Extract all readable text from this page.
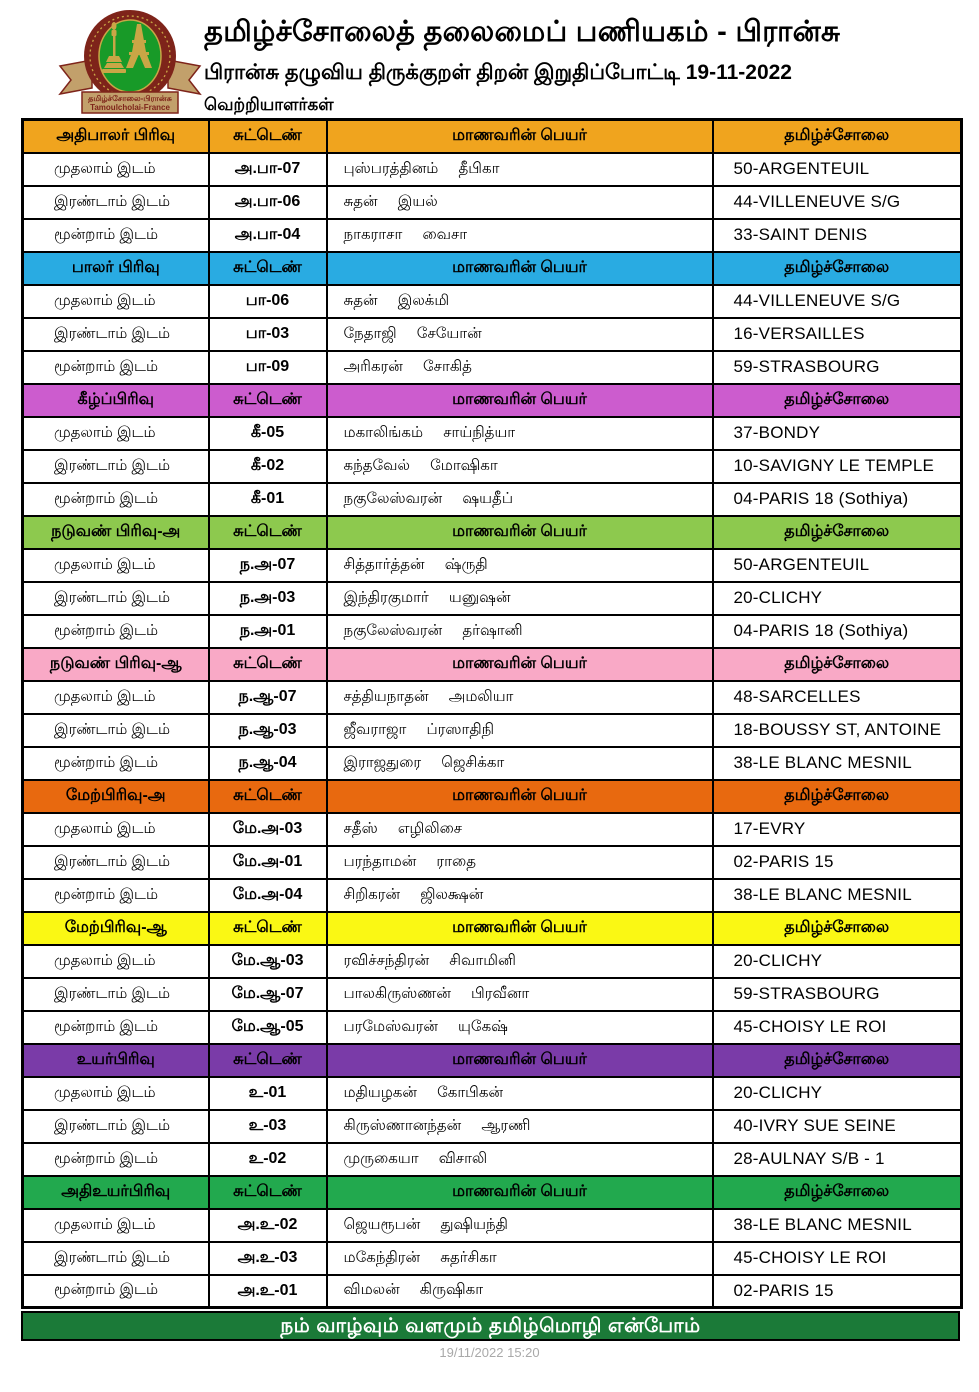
தமிழ்ச்சோலை-பிரான்சு
Tamoulcholai-France
தமிழ்ச்சோலைத் தலைமைப் பணியகம் - பிரான்சு
பிரான்சு தழுவிய திருக்குறள் திறன் இறுதிப்போட்டி 19-11-2022
வெற்றியாளர்கள்
அதிபாலர் பிரிவு	சுட்டெண்	மாணவரின் பெயர்	தமிழ்ச்சோலை
முதலாம் இடம்	அ.பா-07	புஸ்பரத்தினம் தீபிகா	50-ARGENTEUIL
இரண்டாம் இடம்	அ.பா-06	சுதன் இயல்	44-VILLENEUVE S/G
மூன்றாம் இடம்	அ.பா-04	நாகராசா வைசா	33-SAINT DENIS
பாலர் பிரிவு	சுட்டெண்	மாணவரின் பெயர்	தமிழ்ச்சோலை
முதலாம் இடம்	பா-06	சுதன் இலக்மி	44-VILLENEUVE S/G
இரண்டாம் இடம்	பா-03	நேதாஜி சேயோன்	16-VERSAILLES
மூன்றாம் இடம்	பா-09	அரிகரன் சோகித்	59-STRASBOURG
கீழ்ப்பிரிவு	சுட்டெண்	மாணவரின் பெயர்	தமிழ்ச்சோலை
முதலாம் இடம்	கீ-05	மகாலிங்கம் சாய்நித்யா	37-BONDY
இரண்டாம் இடம்	கீ-02	கந்தவேல் மோஷிகா	10-SAVIGNY LE TEMPLE
மூன்றாம் இடம்	கீ-01	நகுலேஸ்வரன் ஷயதீப்	04-PARIS 18 (Sothiya)
நடுவண் பிரிவு-அ	சுட்டெண்	மாணவரின் பெயர்	தமிழ்ச்சோலை
முதலாம் இடம்	ந.அ-07	சித்தார்த்தன் ஷ்ருதி	50-ARGENTEUIL
இரண்டாம் இடம்	ந.அ-03	இந்திரகுமார் யனுஷன்	20-CLICHY
மூன்றாம் இடம்	ந.அ-01	நகுலேஸ்வரன் தர்ஷானி	04-PARIS 18 (Sothiya)
நடுவண் பிரிவு-ஆ	சுட்டெண்	மாணவரின் பெயர்	தமிழ்ச்சோலை
முதலாம் இடம்	ந.ஆ-07	சத்தியநாதன் அமலியா	48-SARCELLES
இரண்டாம் இடம்	ந.ஆ-03	ஜீவராஜா ப்ரஸாதிநி	18-BOUSSY ST, ANTOINE
மூன்றாம் இடம்	ந.ஆ-04	இராஜதுரை ஜெசிக்கா	38-LE BLANC MESNIL
மேற்பிரிவு-அ	சுட்டெண்	மாணவரின் பெயர்	தமிழ்ச்சோலை
முதலாம் இடம்	மே.அ-03	சதீஸ் எழிலிசை	17-EVRY
இரண்டாம் இடம்	மே.அ-01	பரந்தாமன் ராதை	02-PARIS 15
மூன்றாம் இடம்	மே.அ-04	சிறிகரன் ஜிலக்ஷன்	38-LE BLANC MESNIL
மேற்பிரிவு-ஆ	சுட்டெண்	மாணவரின் பெயர்	தமிழ்ச்சோலை
முதலாம் இடம்	மே.ஆ-03	ரவிச்சந்திரன் சிவாமினி	20-CLICHY
இரண்டாம் இடம்	மே.ஆ-07	பாலகிருஸ்ணன் பிரவீனா	59-STRASBOURG
மூன்றாம் இடம்	மே.ஆ-05	பரமேஸ்வரன் யுகேஷ்	45-CHOISY LE ROI
உயர்பிரிவு	சுட்டெண்	மாணவரின் பெயர்	தமிழ்ச்சோலை
முதலாம் இடம்	உ-01	மதியழகன் கோபிகன்	20-CLICHY
இரண்டாம் இடம்	உ-03	கிருஸ்ணானந்தன் ஆரணி	40-IVRY SUE SEINE
மூன்றாம் இடம்	உ-02	முருகையா விசாலி	28-AULNAY S/B - 1
அதிஉயர்பிரிவு	சுட்டெண்	மாணவரின் பெயர்	தமிழ்ச்சோலை
முதலாம் இடம்	அ.உ-02	ஜெயரூபன் துஷியந்தி	38-LE BLANC MESNIL
இரண்டாம் இடம்	அ.உ-03	மகேந்திரன் சுதர்சிகா	45-CHOISY LE ROI
மூன்றாம் இடம்	அ.உ-01	விமலன் கிருஷிகா	02-PARIS 15
நம் வாழ்வும் வளமும் தமிழ்மொழி என்போம்
19/11/2022 15:20
